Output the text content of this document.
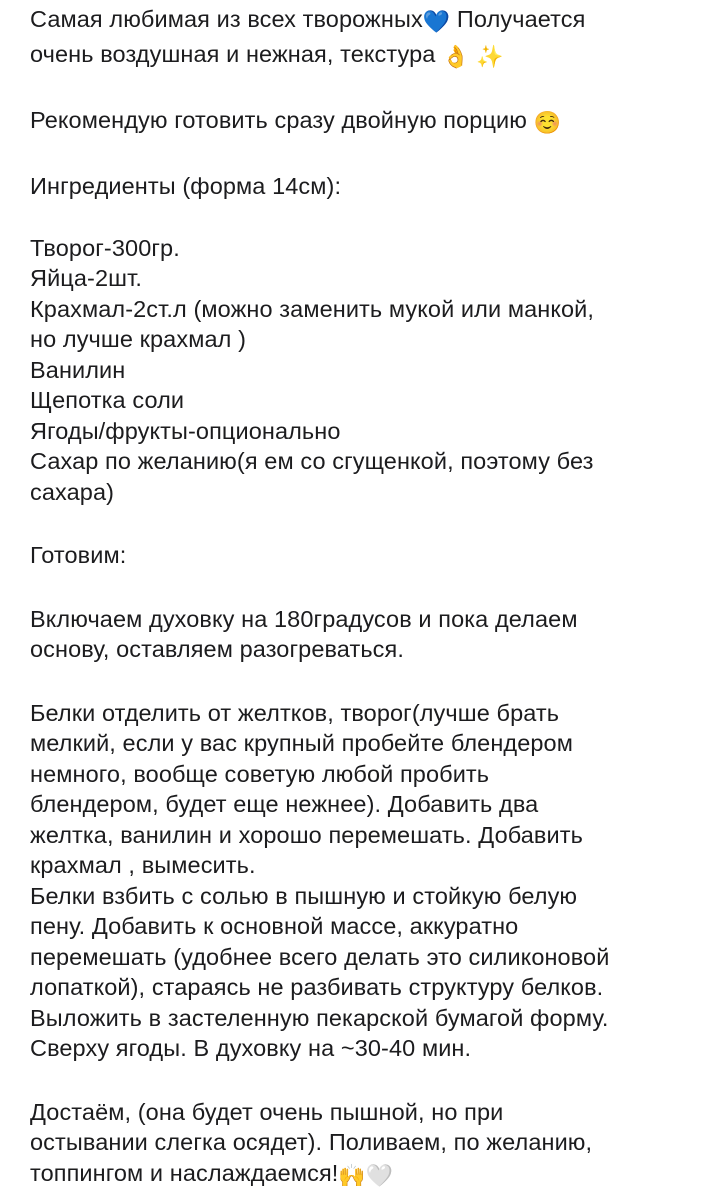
Самая любимая из всех творожных💙 Получается
очень воздушная и нежная, текстура 👌 ✨
Рекомендую готовить сразу двойную порцию ☺️
Ингредиенты (форма 14см):
Творог-300гр.
Яйца-2шт.
Крахмал-2ст.л (можно заменить мукой или манкой,
но лучше крахмал )
Ванилин
Щепотка соли
Ягоды/фрукты-опционально
Сахар по желанию(я ем со сгущенкой, поэтому без
сахара)
Готовим:
Включаем духовку на 180градусов и пока делаем
основу, оставляем разогреваться.
Белки отделить от желтков, творог(лучше брать
мелкий, если у вас крупный пробейте блендером
немного, вообще советую любой пробить
блендером, будет еще нежнее). Добавить два
желтка, ванилин и хорошо перемешать. Добавить
крахмал , вымесить.
Белки взбить с солью в пышную и стойкую белую
пену. Добавить к основной массе, аккуратно
перемешать (удобнее всего делать это силиконовой
лопаткой), стараясь не разбивать структуру белков.
Выложить в застеленную пекарской бумагой форму.
Сверху ягоды. В духовку на ~30-40 мин.
Достаём, (она будет очень пышной, но при
остывании слегка осядет). Поливаем, по желанию,
топпингом и наслаждаемся!🙌🤍
